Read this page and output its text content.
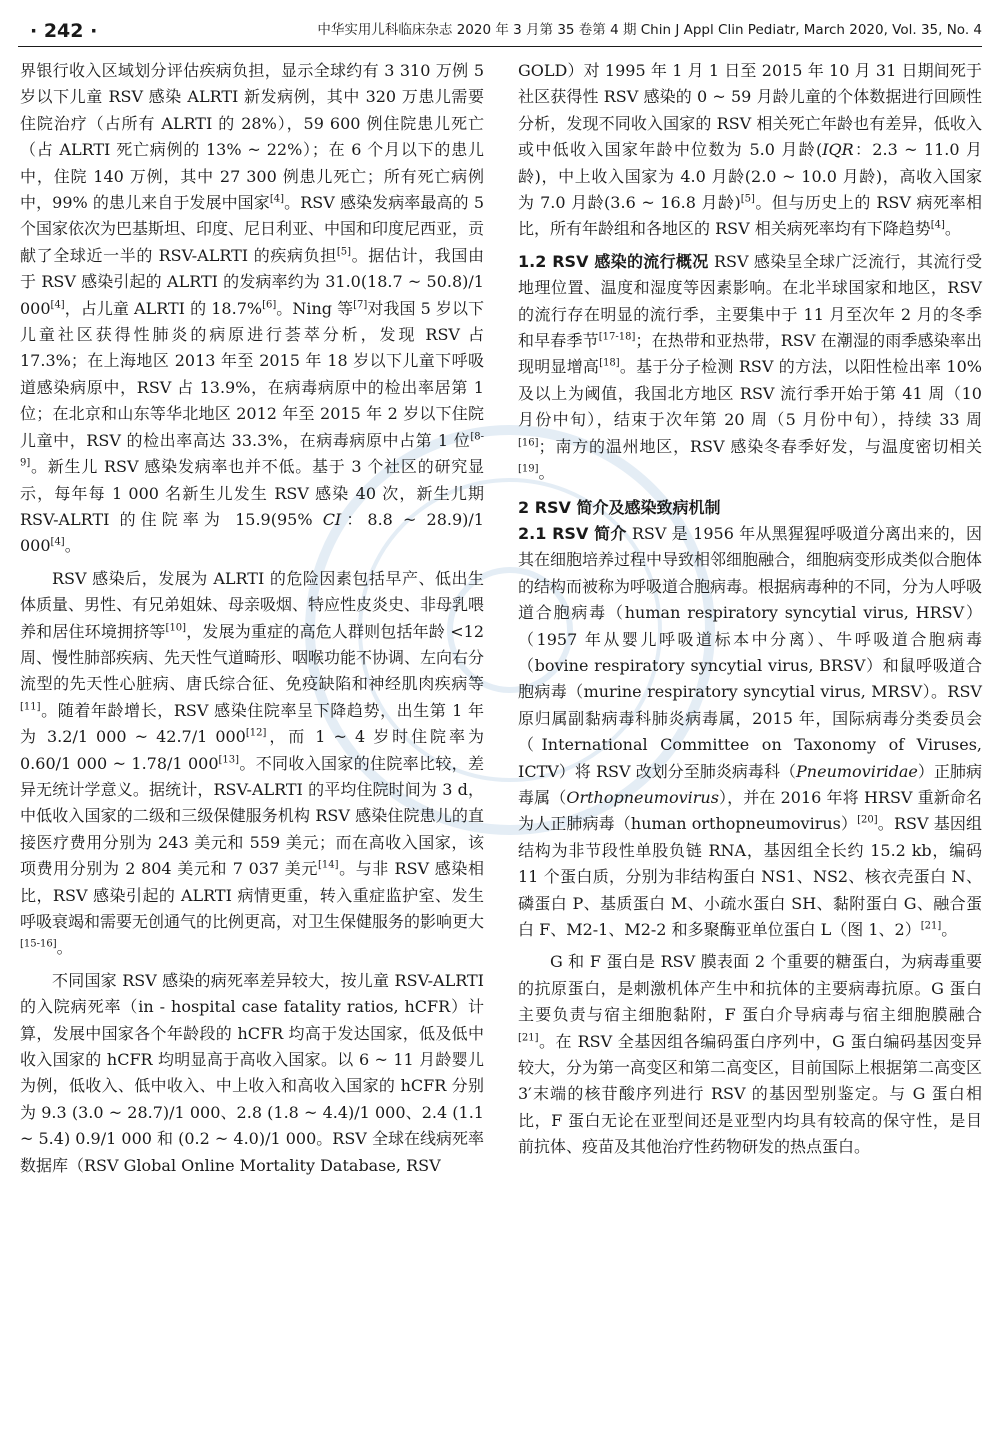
· 242 ·	中华实用儿科临床杂志 2020 年 3 月第 35 卷第 4 期 Chin J Appl Clin Pediatr, March 2020, Vol. 35, No. 4

界银行收入区域划分评估疾病负担，显示全球约有 3 310 万例 5 岁以下儿童 RSV 感染 ALRTI 新发病例，其中 320 万患儿需要住院治疗（占所有 ALRTI 的 28%），59 600 例住院患儿死亡（占 ALRTI 死亡病例的 13% ~ 22%）；在 6 个月以下的患儿中，住院 140 万例，其中 27 300 例患儿死亡；所有死亡病例中，99% 的患儿来自于发展中国家[4]。RSV 感染发病率最高的 5 个国家依次为巴基斯坦、印度、尼日利亚、中国和印度尼西亚，贡献了全球近一半的 RSV-ALRTI 的疾病负担[5]。据估计，我国由于 RSV 感染引起的 ALRTI 的发病率约为 31.0(18.7 ~ 50.8)/1 000[4]，占儿童 ALRTI 的 18.7%[6]。Ning 等[7]对我国 5 岁以下儿童社区获得性肺炎的病原进行荟萃分析，发现 RSV 占 17.3%；在上海地区 2013 年至 2015 年 18 岁以下儿童下呼吸道感染病原中，RSV 占 13.9%，在病毒病原中的检出率居第 1 位；在北京和山东等华北地区 2012 年至 2015 年 2 岁以下住院儿童中，RSV 的检出率高达 33.3%，在病毒病原中占第 1 位[8-9]。新生儿 RSV 感染发病率也并不低。基于 3 个社区的研究显示，每年每 1 000 名新生儿发生 RSV 感染 40 次，新生儿期 RSV-ALRTI 的住院率为 15.9(95% CI：8.8 ~ 28.9)/1 000[4]。

RSV 感染后，发展为 ALRTI 的危险因素包括早产、低出生体质量、男性、有兄弟姐妹、母亲吸烟、特应性皮炎史、非母乳喂养和居住环境拥挤等[10]，发展为重症的高危人群则包括年龄 <12 周、慢性肺部疾病、先天性气道畸形、咽喉功能不协调、左向右分流型的先天性心脏病、唐氏综合征、免疫缺陷和神经肌肉疾病等[11]。随着年龄增长，RSV 感染住院率呈下降趋势，出生第 1 年为 3.2/1 000 ~ 42.7/1 000[12]，而 1 ~ 4 岁时住院率为 0.60/1 000 ~ 1.78/1 000[13]。不同收入国家的住院率比较，差异无统计学意义。据统计，RSV-ALRTI 的平均住院时间为 3 d，中低收入国家的二级和三级保健服务机构 RSV 感染住院患儿的直接医疗费用分别为 243 美元和 559 美元；而在高收入国家，该项费用分别为 2 804 美元和 7 037 美元[14]。与非 RSV 感染相比，RSV 感染引起的 ALRTI 病情更重，转入重症监护室、发生呼吸衰竭和需要无创通气的比例更高，对卫生保健服务的影响更大[15-16]。

不同国家 RSV 感染的病死率差异较大，按儿童 RSV-ALRTI 的入院病死率（in - hospital case fatality ratios, hCFR）计算，发展中国家各个年龄段的 hCFR 均高于发达国家，低及低中收入国家的 hCFR 均明显高于高收入国家。以 6 ~ 11 月龄婴儿为例，低收入、低中收入、中上收入和高收入国家的 hCFR 分别为 9.3 (3.0 ~ 28.7)/1 000、2.8 (1.8 ~ 4.4)/1 000、2.4 (1.1 ~ 5.4) 0.9/1 000 和 (0.2 ~ 4.0)/1 000。RSV 全球在线病死率数据库（RSV Global Online Mortality Database, RSV

GOLD）对 1995 年 1 月 1 日至 2015 年 10 月 31 日期间死于社区获得性 RSV 感染的 0 ~ 59 月龄儿童的个体数据进行回顾性分析，发现不同收入国家的 RSV 相关死亡年龄也有差异，低收入或中低收入国家年龄中位数为 5.0 月龄(IQR：2.3 ~ 11.0 月龄)，中上收入国家为 4.0 月龄(2.0 ~ 10.0 月龄)，高收入国家为 7.0 月龄(3.6 ~ 16.8 月龄)[5]。但与历史上的 RSV 病死率相比，所有年龄组和各地区的 RSV 相关病死率均有下降趋势[4]。

1.2 RSV 感染的流行概况 RSV 感染呈全球广泛流行，其流行受地理位置、温度和湿度等因素影响。在北半球国家和地区，RSV 的流行存在明显的流行季，主要集中于 11 月至次年 2 月的冬季和早春季节[17-18]；在热带和亚热带，RSV 在潮湿的雨季感染率出现明显增高[18]。基于分子检测 RSV 的方法，以阳性检出率 10% 及以上为阈值，我国北方地区 RSV 流行季开始于第 41 周（10 月份中旬），结束于次年第 20 周（5 月份中旬），持续 33 周[16]；南方的温州地区，RSV 感染冬春季好发，与温度密切相关[19]。

2 RSV 简介及感染致病机制

2.1 RSV 简介 RSV 是 1956 年从黑猩猩呼吸道分离出来的，因其在细胞培养过程中导致相邻细胞融合，细胞病变形成类似合胞体的结构而被称为呼吸道合胞病毒。根据病毒种的不同，分为人呼吸道合胞病毒（human respiratory syncytial virus, HRSV）（1957 年从婴儿呼吸道标本中分离）、牛呼吸道合胞病毒（bovine respiratory syncytial virus, BRSV）和鼠呼吸道合胞病毒（murine respiratory syncytial virus, MRSV）。RSV 原归属副黏病毒科肺炎病毒属，2015 年，国际病毒分类委员会（International Committee on Taxonomy of Viruses, ICTV）将 RSV 改划分至肺炎病毒科（Pneumoviridae）正肺病毒属（Orthopneumovirus），并在 2016 年将 HRSV 重新命名为人正肺病毒（human orthopneumovirus）[20]。RSV 基因组结构为非节段性单股负链 RNA，基因组全长约 15.2 kb，编码 11 个蛋白质，分别为非结构蛋白 NS1、NS2、核衣壳蛋白 N、磷蛋白 P、基质蛋白 M、小疏水蛋白 SH、黏附蛋白 G、融合蛋白 F、M2-1、M2-2 和多聚酶亚单位蛋白 L（图 1、2）[21]。

G 和 F 蛋白是 RSV 膜表面 2 个重要的糖蛋白，为病毒重要的抗原蛋白，是刺激机体产生中和抗体的主要病毒抗原。G 蛋白主要负责与宿主细胞黏附，F 蛋白介导病毒与宿主细胞膜融合[21]。在 RSV 全基因组各编码蛋白序列中，G 蛋白编码基因变异较大，分为第一高变区和第二高变区，目前国际上根据第二高变区 3′末端的核苷酸序列进行 RSV 的基因型别鉴定。与 G 蛋白相比，F 蛋白无论在亚型间还是亚型内均具有较高的保守性，是目前抗体、疫苗及其他治疗性药物研发的热点蛋白。
